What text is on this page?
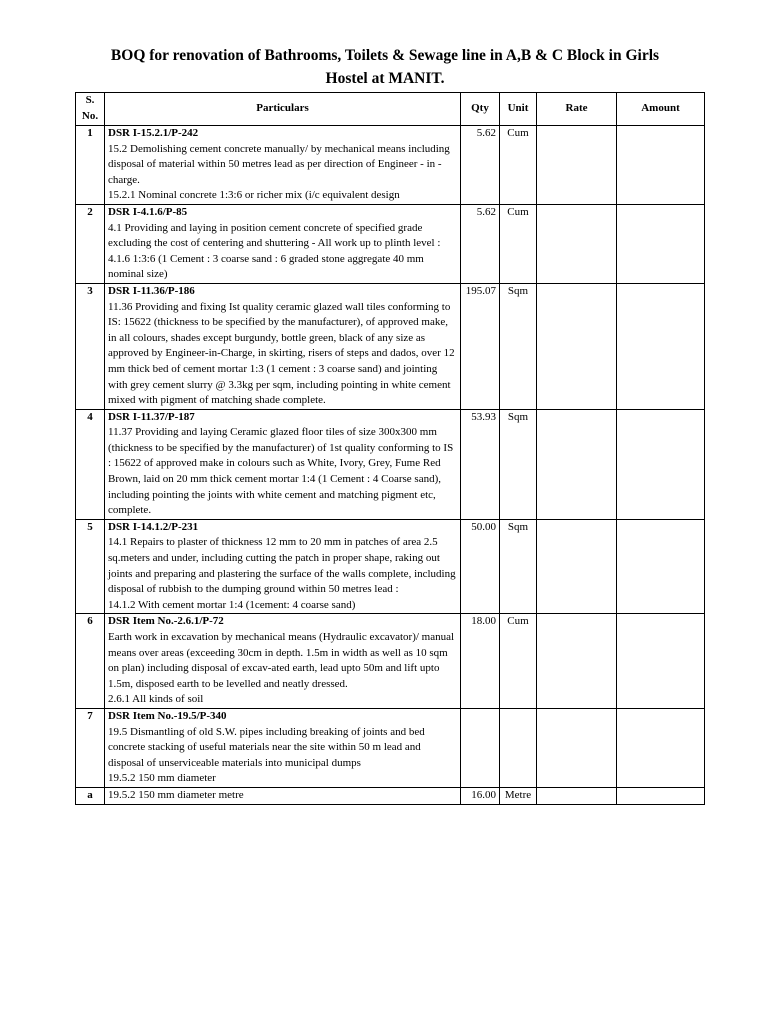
BOQ for renovation of Bathrooms, Toilets & Sewage line in A,B & C Block in Girls
Hostel at MANIT.
S. No.	Particulars	Qty	Unit	Rate	Amount
1	DSR I-15.2.1/P-242
15.2 Demolishing cement concrete manually/ by mechanical means including disposal of material within 50 metres lead as per direction of Engineer - in - charge.
15.2.1 Nominal concrete 1:3:6 or richer mix (i/c equivalent design	5.62	Cum		
2	DSR I-4.1.6/P-85
4.1 Providing and laying in position cement concrete of specified grade excluding the cost of centering and shuttering - All work up to plinth level :
4.1.6 1:3:6 (1 Cement : 3 coarse sand : 6 graded stone aggregate 40 mm nominal size)	5.62	Cum		
3	DSR I-11.36/P-186
11.36 Providing and fixing Ist quality ceramic glazed wall tiles conforming to IS: 15622 (thickness to be specified by the manufacturer), of approved make, in all colours, shades except burgundy, bottle green, black of any size as approved by Engineer-in-Charge, in skirting, risers of steps and dados, over 12 mm thick bed of cement mortar 1:3 (1 cement : 3 coarse sand) and jointing with grey cement slurry @ 3.3kg per sqm, including pointing in white cement mixed with pigment of matching shade complete.	195.07	Sqm		
4	DSR I-11.37/P-187
11.37 Providing and laying Ceramic glazed floor tiles of size 300x300 mm (thickness to be specified by the manufacturer) of 1st quality conforming to IS : 15622 of approved make in colours such as White, Ivory, Grey, Fume Red Brown, laid on 20 mm thick cement mortar 1:4 (1 Cement : 4 Coarse sand), including pointing the joints with white cement and matching pigment etc, complete.	53.93	Sqm		
5	DSR I-14.1.2/P-231
14.1 Repairs to plaster of thickness 12 mm to 20 mm in patches of area 2.5 sq.meters and under, including cutting the patch in proper shape, raking out joints and preparing and plastering the surface of the walls complete, including disposal of rubbish to the dumping ground within 50 metres lead :
14.1.2 With cement mortar 1:4 (1cement: 4 coarse sand)	50.00	Sqm		
6	DSR Item No.-2.6.1/P-72
Earth work in excavation by mechanical means (Hydraulic excavator)/ manual means over areas (exceeding 30cm in depth. 1.5m in width as well as 10 sqm on plan) including disposal of excav-ated earth, lead upto 50m and lift upto 1.5m, disposed earth to be levelled and neatly dressed.
2.6.1 All kinds of soil	18.00	Cum		
7	DSR Item No.-19.5/P-340
19.5 Dismantling of old S.W. pipes including breaking of joints and bed concrete stacking of useful materials near the site within 50 m lead and disposal of unserviceable materials into municipal dumps
19.5.2 150 mm diameter				

a	19.5.2 150 mm diameter metre	16.00	Metre		
